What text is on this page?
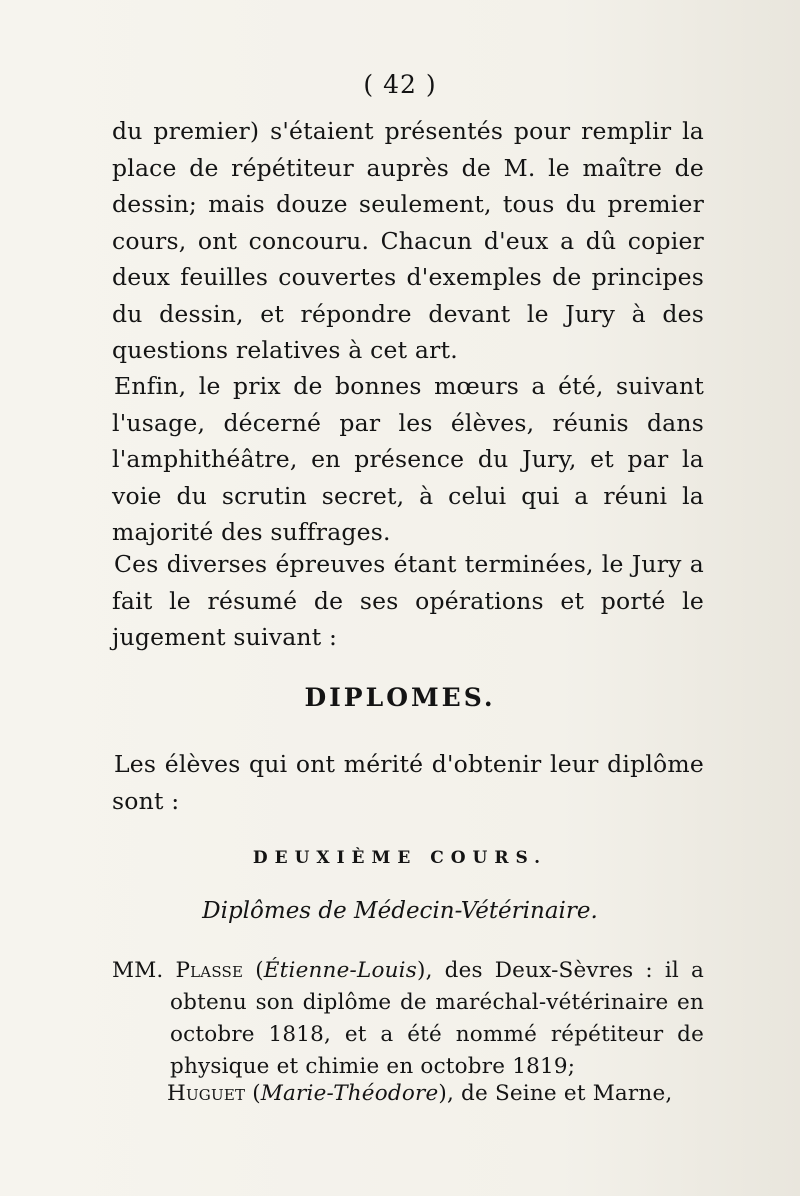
( 42 )

du premier) s'étaient présentés pour remplir la place de répétiteur auprès de M. le maître de dessin; mais douze seulement, tous du premier cours, ont concouru. Chacun d'eux a dû copier deux feuilles couvertes d'exemples de principes du dessin, et répondre devant le Jury à des questions relatives à cet art.

Enfin, le prix de bonnes mœurs a été, suivant l'usage, décerné par les élèves, réunis dans l'amphithéâtre, en présence du Jury, et par la voie du scrutin secret, à celui qui a réuni la majorité des suffrages.

Ces diverses épreuves étant terminées, le Jury a fait le résumé de ses opérations et porté le jugement suivant :

DIPLOMES.

Les élèves qui ont mérité d'obtenir leur diplôme sont :

DEUXIÈME COURS.
Diplômes de Médecin-Vétérinaire.

MM. Plasse (Étienne-Louis), des Deux-Sèvres : il a obtenu son diplôme de maréchal-vétérinaire en octobre 1818, et a été nommé répétiteur de physique et chimie en octobre 1819;

Huguet (Marie-Théodore), de Seine et Marne,
